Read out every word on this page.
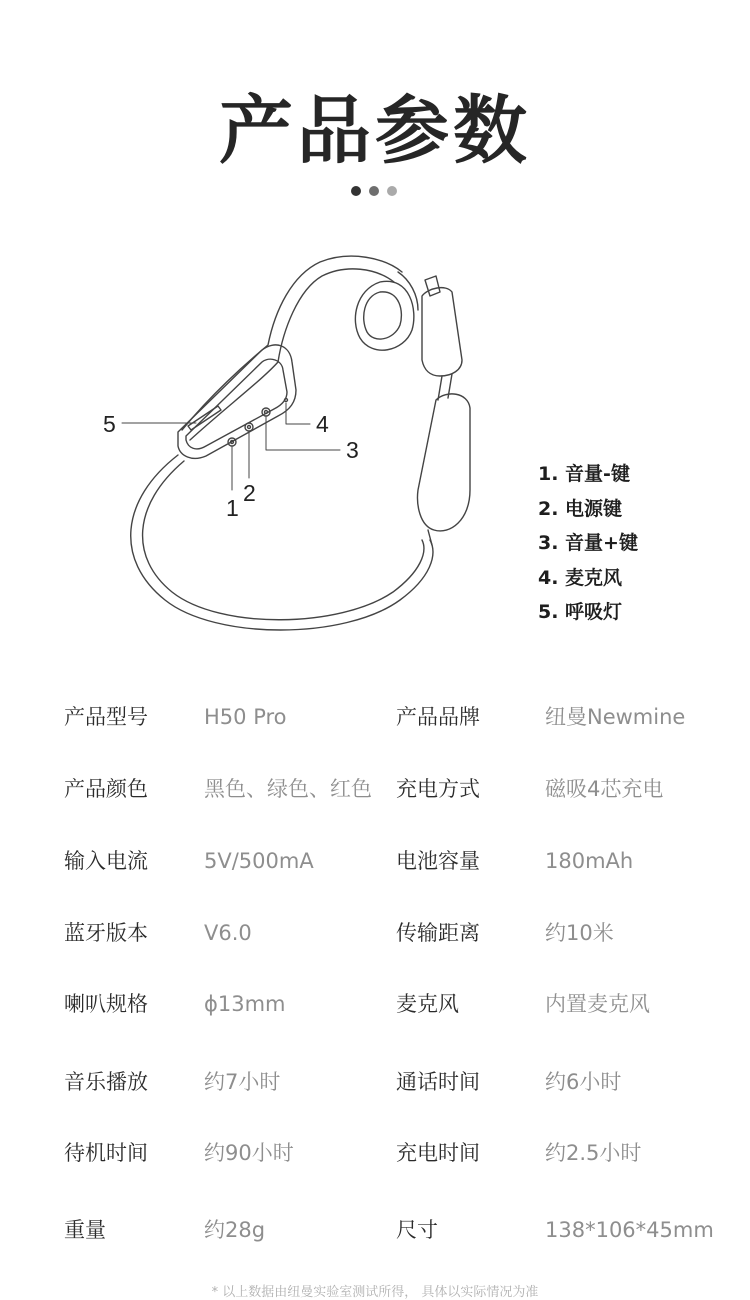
产品参数
1
2
3
4
5
1. 音量-键
2. 电源键
3. 音量+键
4. 麦克风
5. 呼吸灯
产品型号	H50 Pro	产品品牌	纽曼Newmine
产品颜色	黑色、绿色、红色 充电方式	磁吸4芯充电
输入电流	5V/500mA	电池容量	180mAh
蓝牙版本	V6.0	传输距离	约10米
喇叭规格	ϕ13mm	麦克风	内置麦克风
音乐播放	约7小时	通话时间	约6小时
待机时间	约90小时	充电时间	约2.5小时
重量	约28g	尺寸	138*106*45mm
* 以上数据由纽曼实验室测试所得， 具体以实际情况为准
